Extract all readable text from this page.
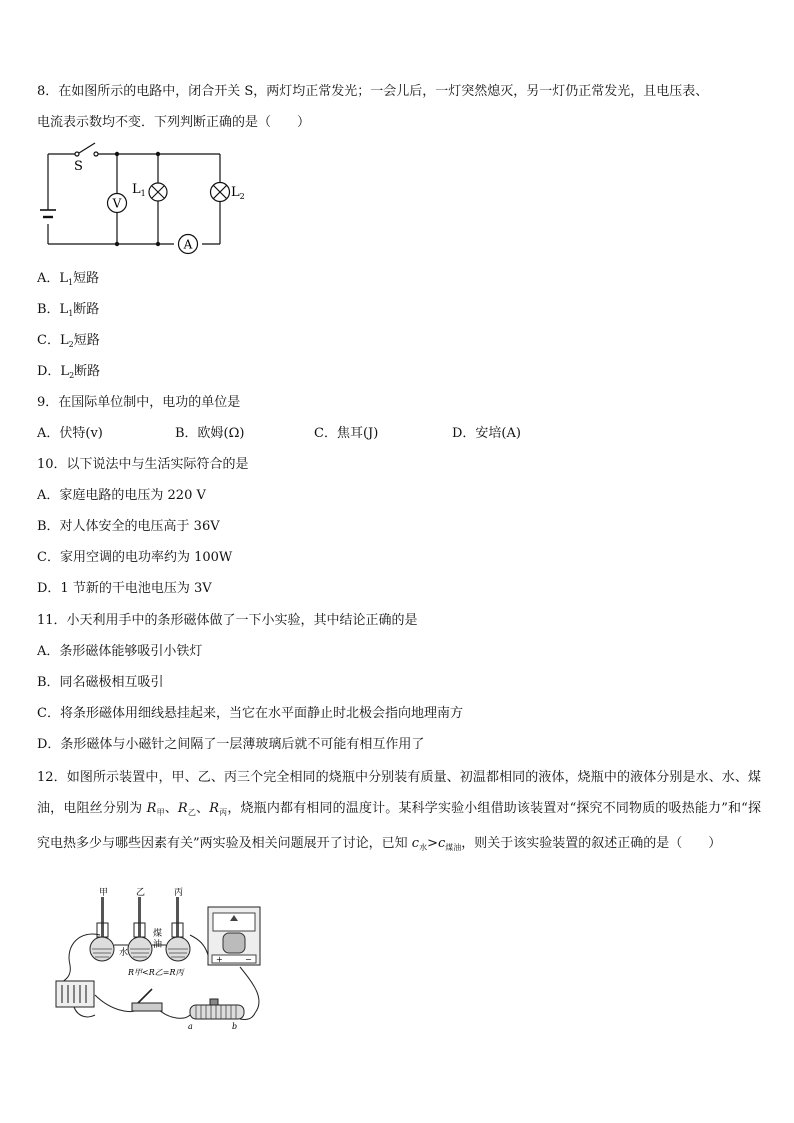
8．在如图所示的电路中，闭合开关 S，两灯均正常发光；一会儿后，一灯突然熄灭，另一灯仍正常发光，且电压表、
电流表示数均不变．下列判断正确的是（　　）
V
$L_1$	$L_2$
A
S
A．$L_1$短路
B．$L_1$断路
C．$L_2$短路
D．$L_2$断路
9．在国际单位制中，电功的单位是
A．伏特(v)	B．欧姆(Ω)	C．焦耳(J)	D．安培(A)
10．以下说法中与生活实际符合的是
A．家庭电路的电压为 220 V
B．对人体安全的电压高于 36V
C．家用空调的电功率约为 100W
D．1 节新的干电池电压为 3V
11．小天利用手中的条形磁体做了一下小实验，其中结论正确的是
A．条形磁体能够吸引小铁灯
B．同名磁极相互吸引
C．将条形磁体用细线悬挂起来，当它在水平面静止时北极会指向地理南方
D．条形磁体与小磁针之间隔了一层薄玻璃后就不可能有相互作用了
12．如图所示装置中，甲、乙、丙三个完全相同的烧瓶中分别装有质量、初温都相同的液体，烧瓶中的液体分别是水、水、煤油，电阻丝分别为 $R_甲$、$R_乙$、$R_丙$，烧瓶内都有相同的温度计。某科学实验小组借助该装置对“探究不同物质的吸热能力”和“探究电热多少与哪些因素有关”两实验及相关问题展开了讨论，已知 $c_水>c_{煤油}$，则关于该实验装置的叙述正确的是（　　）
甲	乙	丙
水
煤
油
R甲<R乙=R丙
+	−
a	b
